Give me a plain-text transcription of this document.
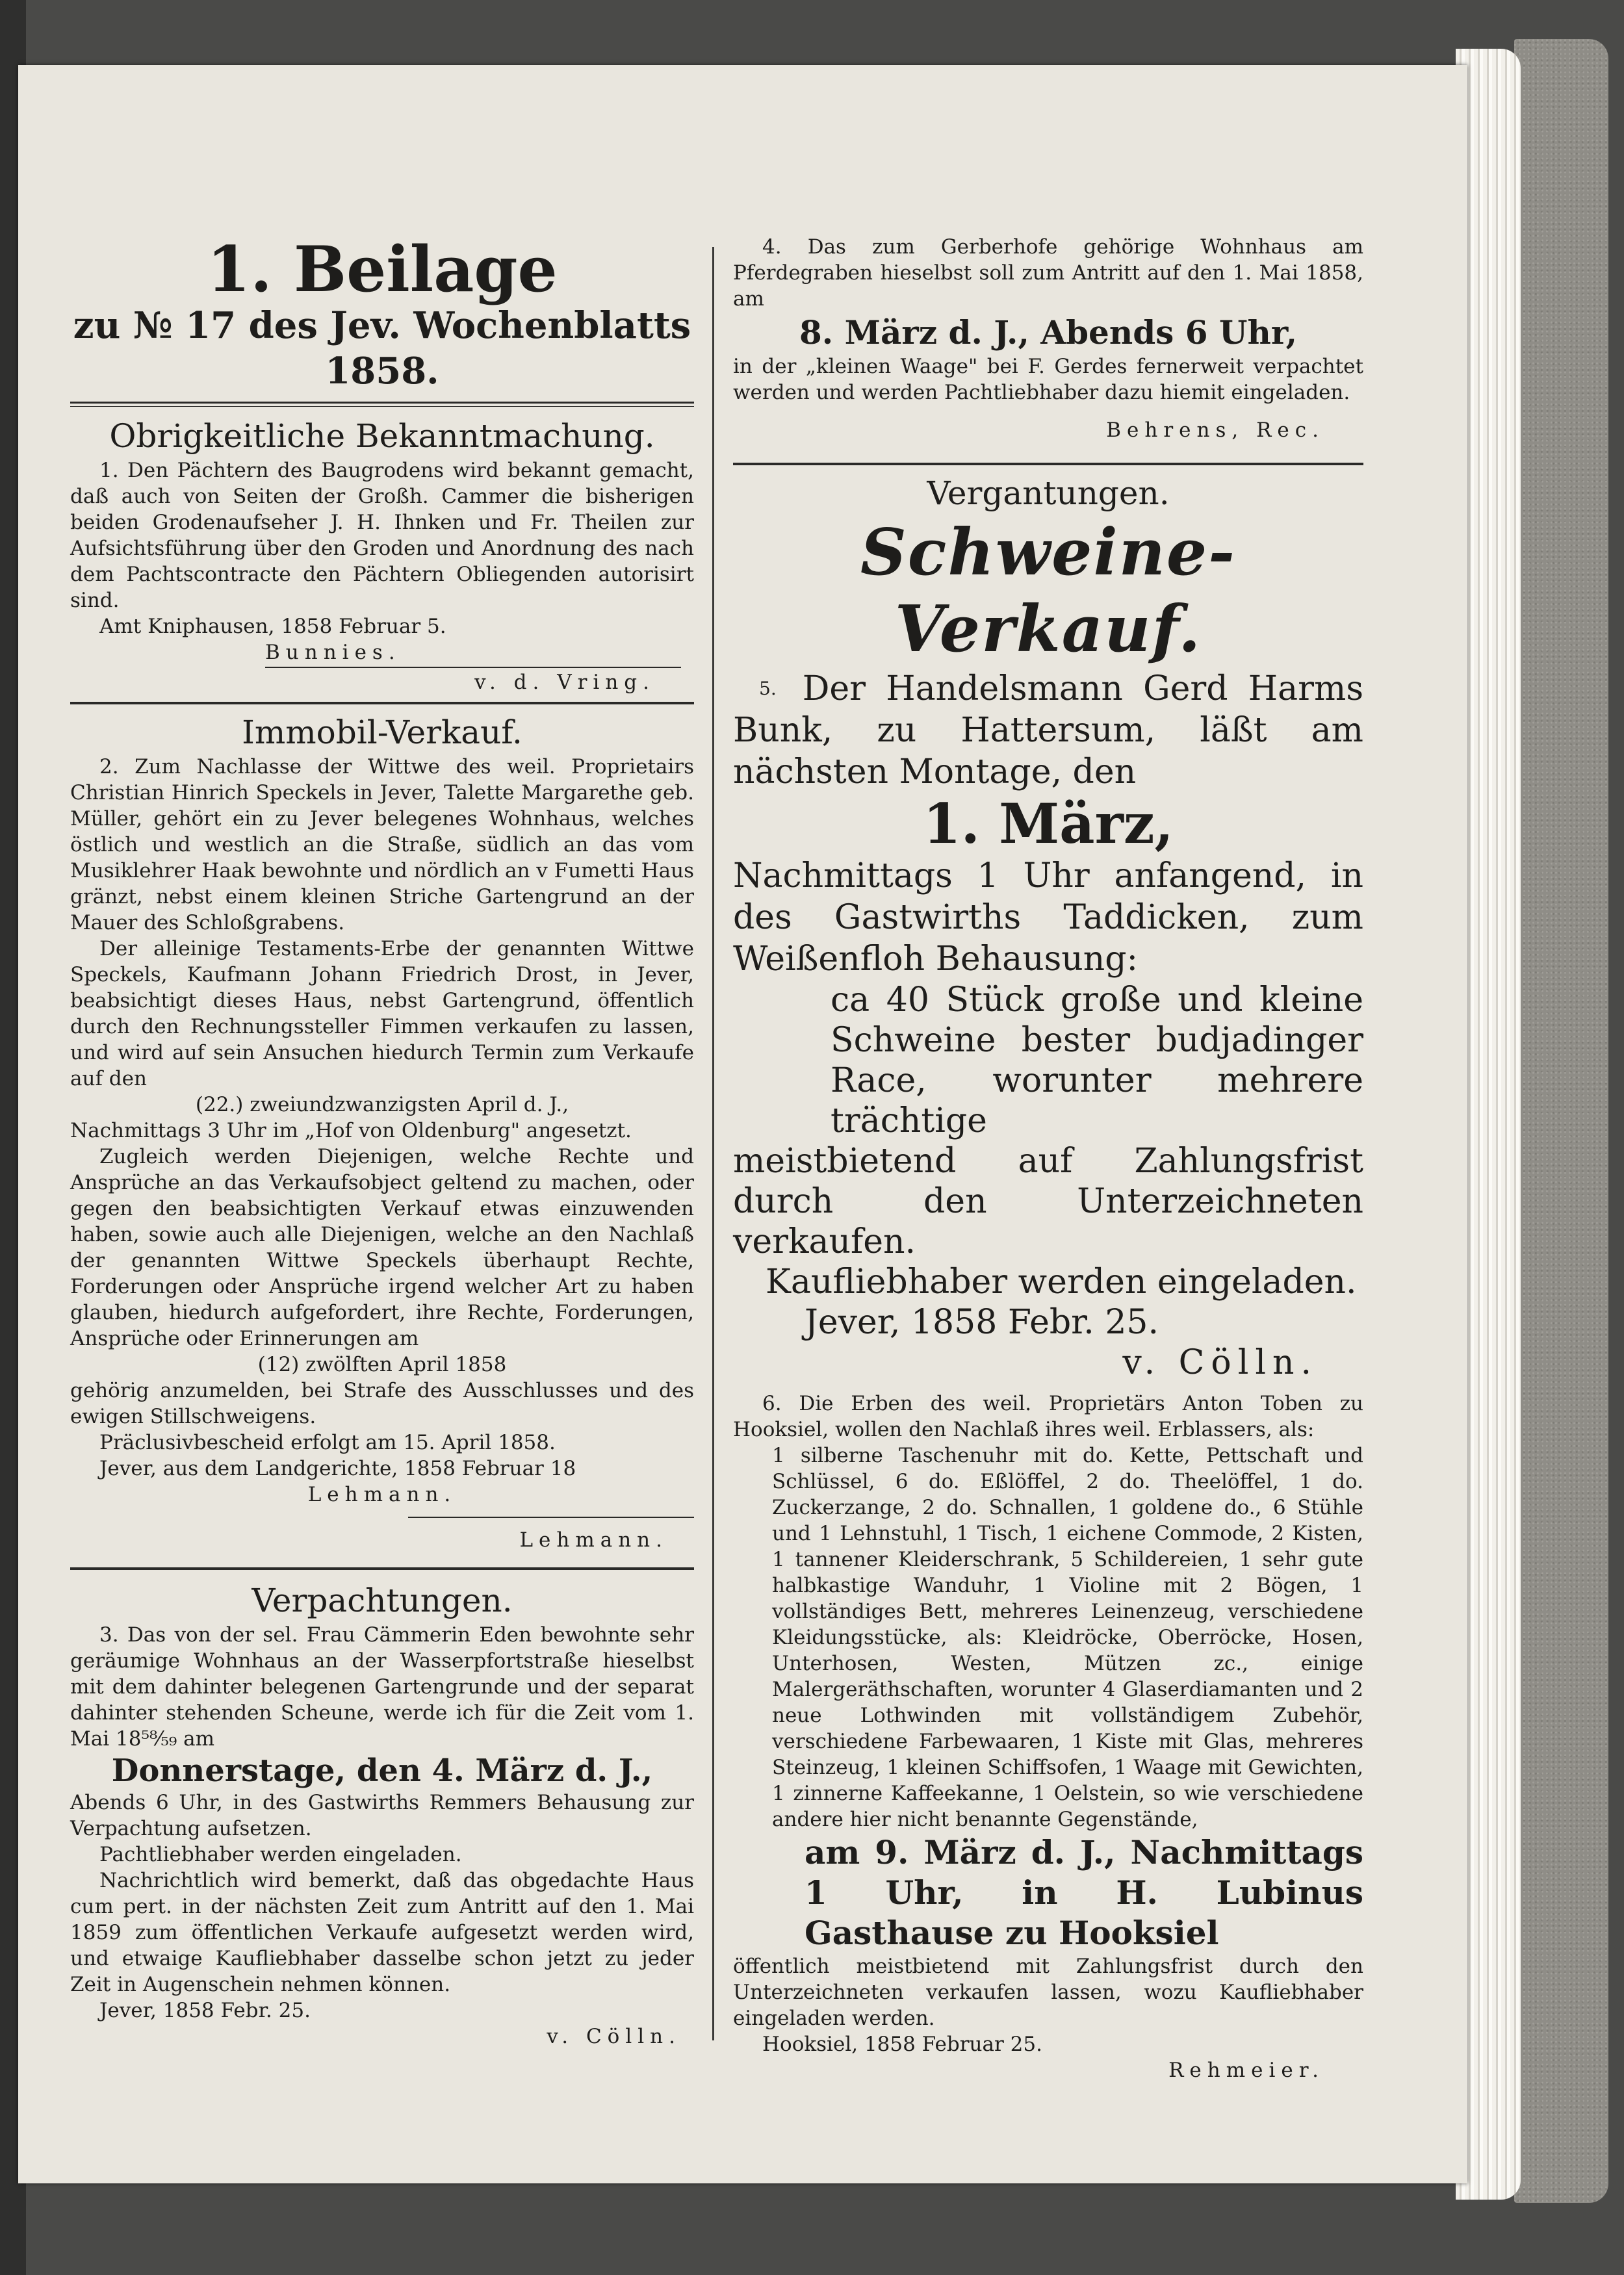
1. Beilage
zu № 17 des Jev. Wochenblatts 1858.
Obrigkeitliche Bekanntmachung.

1. Den Pächtern des Baugrodens wird bekannt gemacht, daß auch von Seiten der Großh. Cammer die bisherigen beiden Grodenaufseher J. H. Ihnken und Fr. Theilen zur Aufsichtsführung über den Groden und Anordnung des nach dem Pachtscontracte den Pächtern Obliegenden autorisirt sind.

Amt Kniphausen, 1858 Februar 5.

Bunnies.

v. d. Vring.

Immobil-Verkauf.

2. Zum Nachlasse der Wittwe des weil. Proprietairs Christian Hinrich Speckels in Jever, Talette Margarethe geb. Müller, gehört ein zu Jever belegenes Wohnhaus, welches östlich und westlich an die Straße, südlich an das vom Musiklehrer Haak bewohnte und nördlich an v Fumetti Haus gränzt, nebst einem kleinen Striche Gartengrund an der Mauer des Schloßgrabens.

Der alleinige Testaments-Erbe der genannten Wittwe Speckels, Kaufmann Johann Friedrich Drost, in Jever, beabsichtigt dieses Haus, nebst Gartengrund, öffentlich durch den Rechnungssteller Fimmen verkaufen zu lassen, und wird auf sein Ansuchen hiedurch Termin zum Verkaufe auf den

(22.) zweiundzwanzigsten April d. J.,

Nachmittags 3 Uhr im „Hof von Oldenburg" angesetzt.

Zugleich werden Diejenigen, welche Rechte und Ansprüche an das Verkaufsobject geltend zu machen, oder gegen den beabsichtigten Verkauf etwas einzuwenden haben, sowie auch alle Diejenigen, welche an den Nachlaß der genannten Wittwe Speckels überhaupt Rechte, Forderungen oder Ansprüche irgend welcher Art zu haben glauben, hiedurch aufgefordert, ihre Rechte, Forderungen, Ansprüche oder Erinnerungen am

(12) zwölften April 1858

gehörig anzumelden, bei Strafe des Ausschlusses und des ewigen Stillschweigens.

Präclusivbescheid erfolgt am 15. April 1858.

Jever, aus dem Landgerichte, 1858 Februar 18

Lehmann.

Lehmann.

Verpachtungen.

3. Das von der sel. Frau Cämmerin Eden bewohnte sehr geräumige Wohnhaus an der Wasserpfortstraße hieselbst mit dem dahinter belegenen Gartengrunde und der separat dahinter stehenden Scheune, werde ich für die Zeit vom 1. Mai 18⁵⁸⁄₅₉ am

Donnerstage, den 4. März d. J.,

Abends 6 Uhr, in des Gastwirths Remmers Behausung zur Verpachtung aufsetzen.

Pachtliebhaber werden eingeladen.

Nachrichtlich wird bemerkt, daß das obgedachte Haus cum pert. in der nächsten Zeit zum Antritt auf den 1. Mai 1859 zum öffentlichen Verkaufe aufgesetzt werden wird, und etwaige Kaufliebhaber dasselbe schon jetzt zu jeder Zeit in Augenschein nehmen können.

Jever, 1858 Febr. 25.

v. Cölln.

4. Das zum Gerberhofe gehörige Wohnhaus am Pferdegraben hieselbst soll zum Antritt auf den 1. Mai 1858, am

8. März d. J., Abends 6 Uhr,

in der „kleinen Waage" bei F. Gerdes fernerweit verpachtet werden und werden Pachtliebhaber dazu hiemit eingeladen.

Behrens, Rec.

Vergantungen.
Schweine-Verkauf.

$^{5.}$ Der Handelsmann Gerd Harms Bunk, zu Hattersum, läßt am nächsten Montage, den

1. März,

Nachmittags 1 Uhr anfangend, in des Gastwirths Taddicken, zum Weißenfloh Behausung:

ca 40 Stück große und kleine Schweine bester budjadinger Race, worunter mehrere trächtige

meistbietend auf Zahlungsfrist durch den Unterzeichneten verkaufen.

Kaufliebhaber werden eingeladen.

Jever, 1858 Febr. 25.

v. Cölln.

6. Die Erben des weil. Proprietärs Anton Toben zu Hooksiel, wollen den Nachlaß ihres weil. Erblassers, als:

1 silberne Taschenuhr mit do. Kette, Pettschaft und Schlüssel, 6 do. Eßlöffel, 2 do. Theelöffel, 1 do. Zuckerzange, 2 do. Schnallen, 1 goldene do., 6 Stühle und 1 Lehnstuhl, 1 Tisch, 1 eichene Commode, 2 Kisten, 1 tannener Kleiderschrank, 5 Schildereien, 1 sehr gute halbkastige Wanduhr, 1 Violine mit 2 Bögen, 1 vollständiges Bett, mehreres Leinenzeug, verschiedene Kleidungsstücke, als: Kleidröcke, Oberröcke, Hosen, Unterhosen, Westen, Mützen zc., einige Malergeräthschaften, worunter 4 Glaserdiamanten und 2 neue Lothwinden mit vollständigem Zubehör, verschiedene Farbewaaren, 1 Kiste mit Glas, mehreres Steinzeug, 1 kleinen Schiffsofen, 1 Waage mit Gewichten, 1 zinnerne Kaffeekanne, 1 Oelstein, so wie verschiedene andere hier nicht benannte Gegenstände,

am 9. März d. J., Nachmittags 1 Uhr, in H. Lubinus Gasthause zu Hooksiel

öffentlich meistbietend mit Zahlungsfrist durch den Unterzeichneten verkaufen lassen, wozu Kaufliebhaber eingeladen werden.

Hooksiel, 1858 Februar 25.

Rehmeier.
